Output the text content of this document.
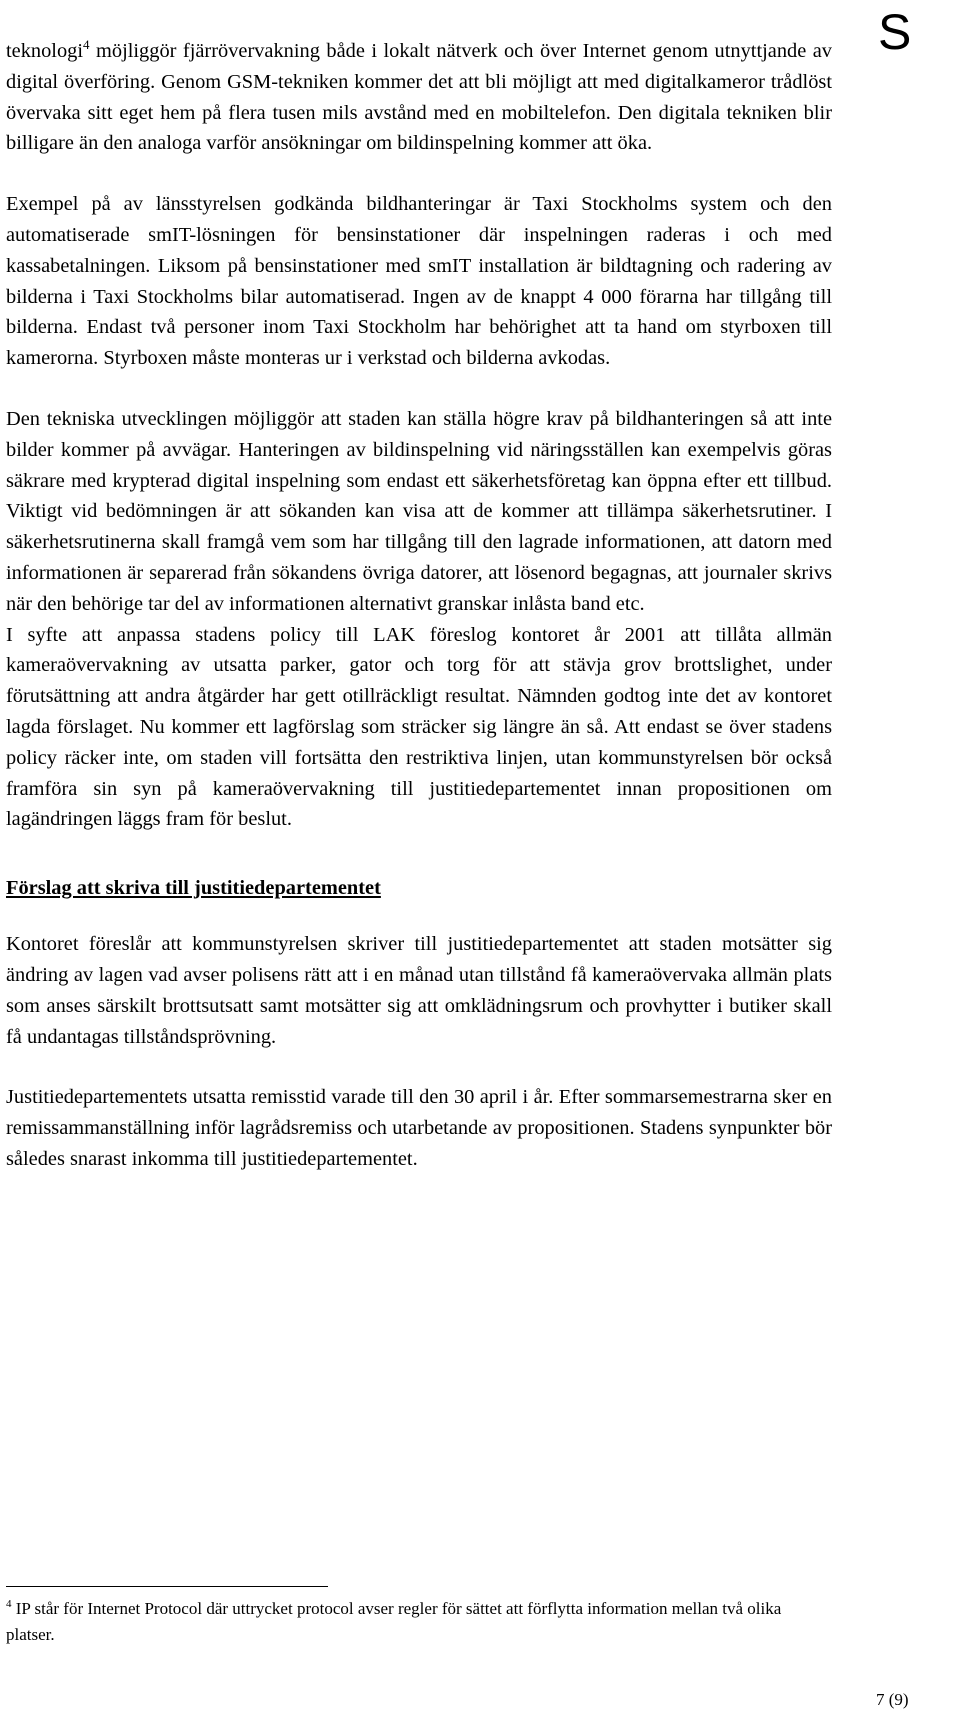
S

teknologi$^4$ möjliggör fjärrövervakning både i lokalt nätverk och över Internet genom utnyttjande av digital överföring. Genom GSM-tekniken kommer det att bli möjligt att med digitalkameror trådlöst övervaka sitt eget hem på flera tusen mils avstånd med en mobiltelefon. Den digitala tekniken blir billigare än den analoga varför ansökningar om bildinspelning kommer att öka.

Exempel på av länsstyrelsen godkända bildhanteringar är Taxi Stockholms system och den automatiserade smIT-lösningen för bensinstationer där inspelningen raderas i och med kassabetalningen. Liksom på bensinstationer med smIT installation är bildtagning och radering av bilderna i Taxi Stockholms bilar automatiserad. Ingen av de knappt 4 000 förarna har tillgång till bilderna. Endast två personer inom Taxi Stockholm har behörighet att ta hand om styrboxen till kamerorna. Styrboxen måste monteras ur i verkstad och bilderna avkodas.

Den tekniska utvecklingen möjliggör att staden kan ställa högre krav på bildhanteringen så att inte bilder kommer på avvägar. Hanteringen av bildinspelning vid näringsställen kan exempelvis göras säkrare med krypterad digital inspelning som endast ett säkerhetsföretag kan öppna efter ett tillbud. Viktigt vid bedömningen är att sökanden kan visa att de kommer att tillämpa säkerhetsrutiner. I säkerhetsrutinerna skall framgå vem som har tillgång till den lagrade informationen, att datorn med informationen är separerad från sökandens övriga datorer, att lösenord begagnas, att journaler skrivs när den behörige tar del av informationen alternativt granskar inlåsta band etc.

I syfte att anpassa stadens policy till LAK föreslog kontoret år 2001 att tillåta allmän kameraövervakning av utsatta parker, gator och torg för att stävja grov brottslighet, under förutsättning att andra åtgärder har gett otillräckligt resultat. Nämnden godtog inte det av kontoret lagda förslaget. Nu kommer ett lagförslag som sträcker sig längre än så. Att endast se över stadens policy räcker inte, om staden vill fortsätta den restriktiva linjen, utan kommunstyrelsen bör också framföra sin syn på kameraövervakning till justitiedepartementet innan propositionen om lagändringen läggs fram för beslut.

Förslag att skriva till justitiedepartementet

Kontoret föreslår att kommunstyrelsen skriver till justitiedepartementet att staden motsätter sig ändring av lagen vad avser polisens rätt att i en månad utan tillstånd få kameraövervaka allmän plats som anses särskilt brottsutsatt samt motsätter sig att omklädningsrum och provhytter i butiker skall få undantagas tillståndsprövning.

Justitiedepartementets utsatta remisstid varade till den 30 april i år. Efter sommarsemestrarna sker en remissammanställning inför lagrådsremiss och utarbetande av propositionen. Stadens synpunkter bör således snarast inkomma till justitiedepartementet.

$^4$ IP står för Internet Protocol där uttrycket protocol avser regler för sättet att förflytta information mellan två olika platser.
7 (9)
